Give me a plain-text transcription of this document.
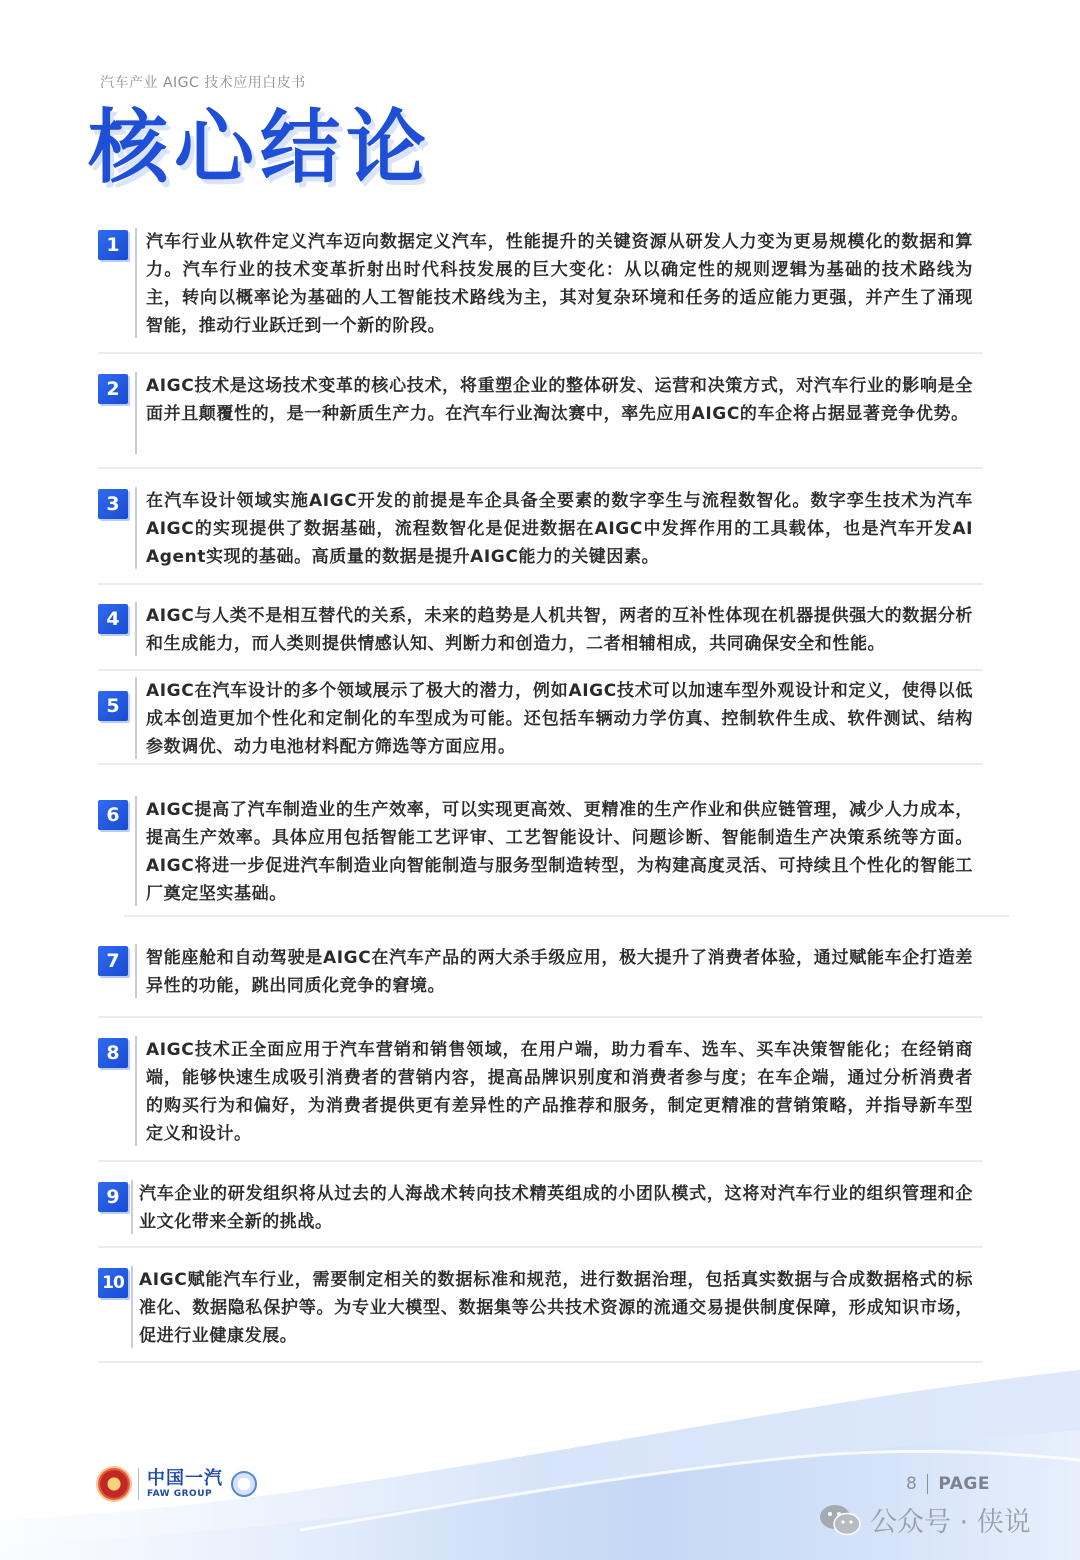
汽车产业 AIGC 技术应用白皮书
核心结论
1	汽车行业从软件定义汽车迈向数据定义汽车，性能提升的关键资源从研发人力变为更易规模化的数据和算力。汽车行业的技术变革折射出时代科技发展的巨大变化：从以确定性的规则逻辑为基础的技术路线为主，转向以概率论为基础的人工智能技术路线为主，其对复杂环境和任务的适应能力更强，并产生了涌现智能，推动行业跃迁到一个新的阶段。
2	AIGC技术是这场技术变革的核心技术，将重塑企业的整体研发、运营和决策方式，对汽车行业的影响是全面并且颠覆性的，是一种新质生产力。在汽车行业淘汰赛中，率先应用AIGC的车企将占据显著竞争优势。
3	在汽车设计领域实施AIGC开发的前提是车企具备全要素的数字孪生与流程数智化。数字孪生技术为汽车AIGC的实现提供了数据基础，流程数智化是促进数据在AIGC中发挥作用的工具载体，也是汽车开发AI Agent实现的基础。高质量的数据是提升AIGC能力的关键因素。
4	AIGC与人类不是相互替代的关系，未来的趋势是人机共智，两者的互补性体现在机器提供强大的数据分析和生成能力，而人类则提供情感认知、判断力和创造力，二者相辅相成，共同确保安全和性能。
5
AIGC在汽车设计的多个领域展示了极大的潜力，例如AIGC技术可以加速车型外观设计和定义，使得以低成本创造更加个性化和定制化的车型成为可能。还包括车辆动力学仿真、控制软件生成、软件测试、结构参数调优、动力电池材料配方筛选等方面应用。
6	AIGC提高了汽车制造业的生产效率，可以实现更高效、更精准的生产作业和供应链管理，减少人力成本，提高生产效率。具体应用包括智能工艺评审、工艺智能设计、问题诊断、智能制造生产决策系统等方面。AIGC将进一步促进汽车制造业向智能制造与服务型制造转型，为构建高度灵活、可持续且个性化的智能工厂奠定坚实基础。
7	智能座舱和自动驾驶是AIGC在汽车产品的两大杀手级应用，极大提升了消费者体验，通过赋能车企打造差异性的功能，跳出同质化竞争的窘境。
8	AIGC技术正全面应用于汽车营销和销售领域，在用户端，助力看车、选车、买车决策智能化；在经销商端，能够快速生成吸引消费者的营销内容，提高品牌识别度和消费者参与度；在车企端，通过分析消费者的购买行为和偏好，为消费者提供更有差异性的产品推荐和服务，制定更精准的营销策略，并指导新车型定义和设计。
9	汽车企业的研发组织将从过去的人海战术转向技术精英组成的小团队模式，这将对汽车行业的组织管理和企业文化带来全新的挑战。
10 AIGC赋能汽车行业，需要制定相关的数据标准和规范，进行数据治理，包括真实数据与合成数据格式的标准化、数据隐私保护等。为专业大模型、数据集等公共技术资源的流通交易提供制度保障，形成知识市场，促进行业健康发展。
中国一汽
FAW GROUP	8 PAGE
公众号 · 侠说
